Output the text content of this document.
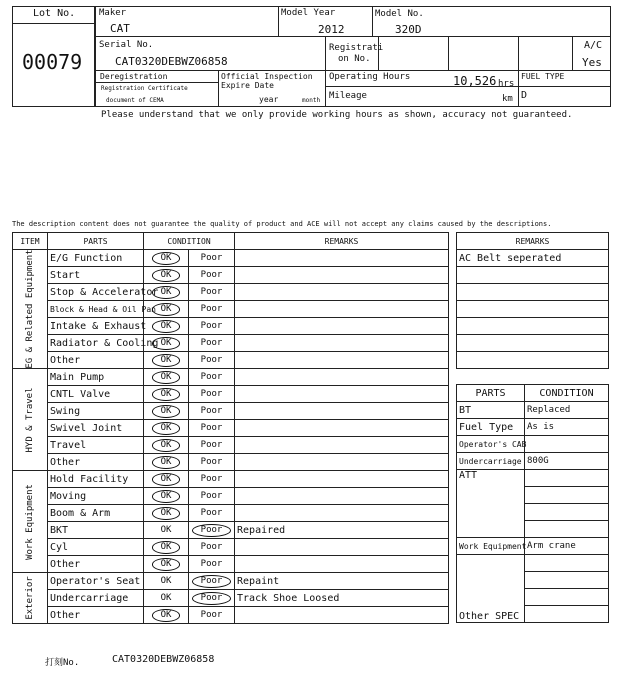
Lot No.
00079
Maker
CAT
Model Year
2012
Model No.
320D
Serial No.
CAT0320DEBWZ06858
Registrati
on No.
A/C
Yes
Deregistration
Registration Certificate
document of CEMA
Official Inspection
Expire Date
year	month
Operating Hours	10,526 hrs
Mileage	km
FUEL TYPE
D
Please understand that we only provide working hours as shown, accuracy not guaranteed.
The description content does not guarantee the quality of product and ACE will not accept any claims caused by the descriptions.
ITEM	PARTS	CONDITION		REMARKS

EG & Related Equipment	E/G Function	OK	Poor	
	Start	OK	Poor	
	Stop & Accelerator	OK	Poor	
	Block & Head & Oil Pan	OK	Poor	
	Intake & Exhaust	OK	Poor	
	Radiator & Cooling	OK	Poor	
	Other	OK	Poor	

HYD & Travel	Main Pump	OK	Poor	
	CNTL Valve	OK	Poor	
	Swing	OK	Poor	
	Swivel Joint	OK	Poor	
	Travel	OK	Poor	
	Other	OK	Poor	

Work Equipment	Hold Facility	OK	Poor	
	Moving	OK	Poor	
	Boom & Arm	OK	Poor	
	BKT	OK	Poor	Repaired
	Cyl	OK	Poor	
	Other	OK	Poor	

Exterior	Operator's Seat	OK	Poor	Repaint
	Undercarriage	OK	Poor	Track Shoe Loosed
	Other	OK	Poor	
REMARKS
AC Belt seperated

PARTS	CONDITION
BT	Replaced
Fuel Type	As is
Operator's CAB	
Undercarriage	800G
ATT	

Work Equipment	Arm crane
Other SPEC	

打刻No.	CAT0320DEBWZ06858
